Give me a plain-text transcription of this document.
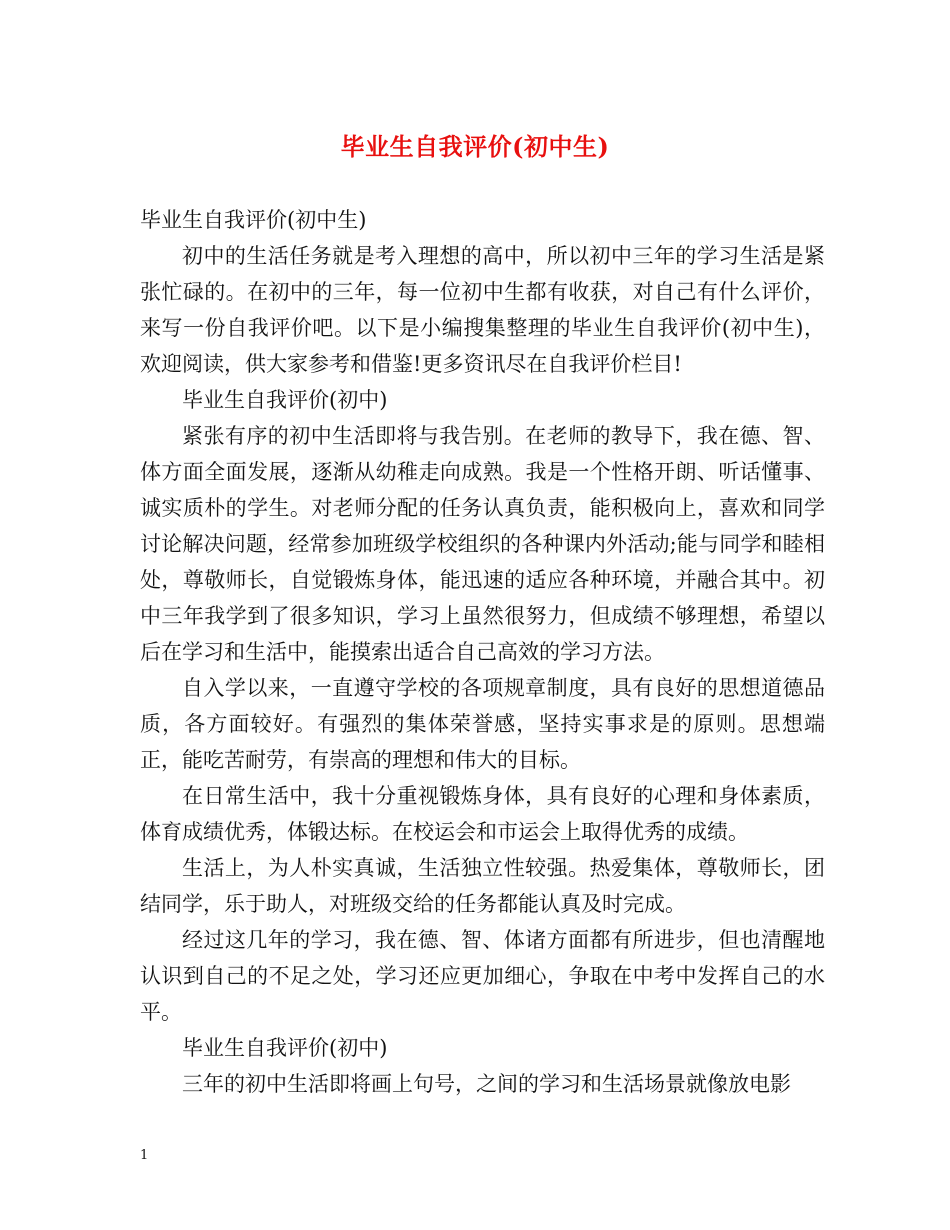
毕业生自我评价(初中生)

毕业生自我评价(初中生)

初中的生活任务就是考入理想的高中，所以初中三年的学习生活是紧张忙碌的。在初中的三年，每一位初中生都有收获，对自己有什么评价，来写一份自我评价吧。以下是小编搜集整理的毕业生自我评价(初中生)，欢迎阅读，供大家参考和借鉴!更多资讯尽在自我评价栏目!

毕业生自我评价(初中)

紧张有序的初中生活即将与我告别。在老师的教导下，我在德、智、体方面全面发展，逐渐从幼稚走向成熟。我是一个性格开朗、听话懂事、诚实质朴的学生。对老师分配的任务认真负责，能积极向上，喜欢和同学讨论解决问题，经常参加班级学校组织的各种课内外活动;能与同学和睦相处，尊敬师长，自觉锻炼身体，能迅速的适应各种环境，并融合其中。初中三年我学到了很多知识，学习上虽然很努力，但成绩不够理想，希望以后在学习和生活中，能摸索出适合自己高效的学习方法。

自入学以来，一直遵守学校的各项规章制度，具有良好的思想道德品质，各方面较好。有强烈的集体荣誉感，坚持实事求是的原则。思想端正，能吃苦耐劳，有崇高的理想和伟大的目标。

在日常生活中，我十分重视锻炼身体，具有良好的心理和身体素质，体育成绩优秀，体锻达标。在校运会和市运会上取得优秀的成绩。

生活上，为人朴实真诚，生活独立性较强。热爱集体，尊敬师长，团结同学，乐于助人，对班级交给的任务都能认真及时完成。

经过这几年的学习，我在德、智、体诸方面都有所进步，但也清醒地认识到自己的不足之处，学习还应更加细心，争取在中考中发挥自己的水平。

毕业生自我评价(初中)

三年的初中生活即将画上句号，之间的学习和生活场景就像放电影

1
